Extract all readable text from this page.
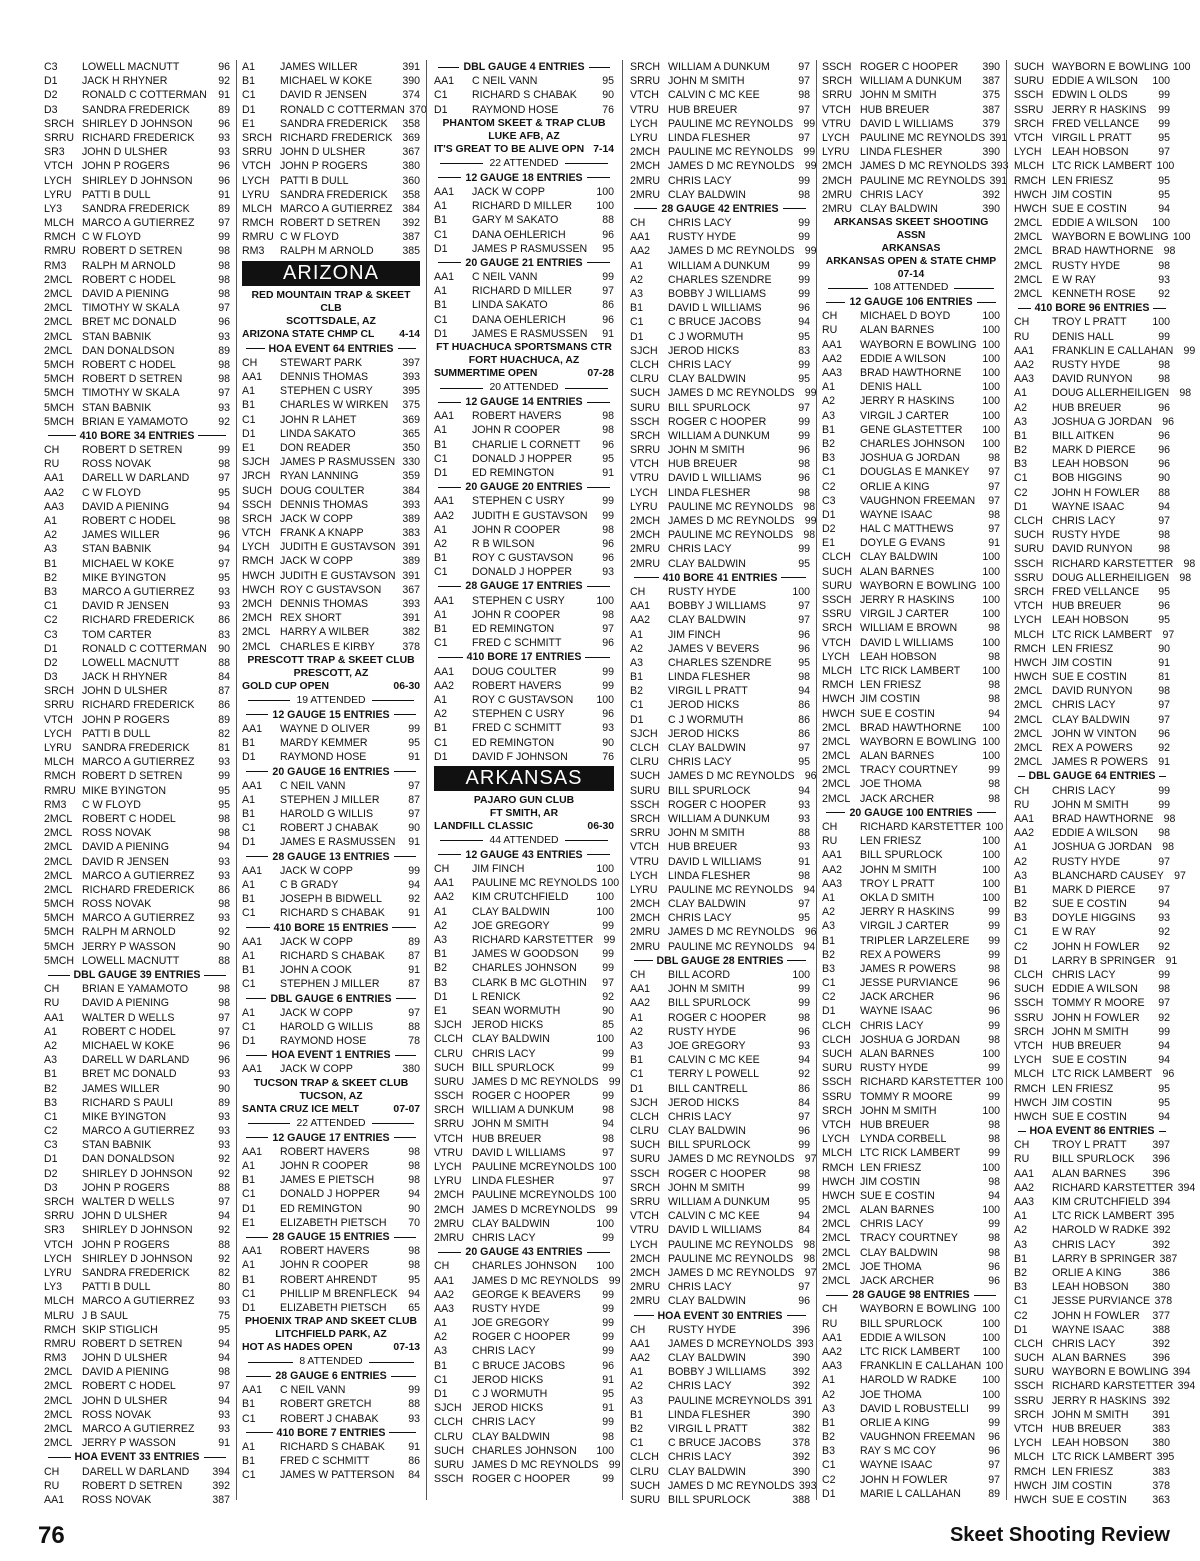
C3	LOWELL MACNUTT	96
D1	JACK H RHYNER	92
D2	RONALD C COTTERMAN	91
D3	SANDRA FREDERICK	89
SRCH SHIRLEY D JOHNSON	96
SRRU RICHARD FREDERICK	93
SR3	JOHN D ULSHER	93
VTCH JOHN P ROGERS	96
LYCH SHIRLEY D JOHNSON	96
LYRU PATTI B DULL	91
LY3	SANDRA FREDERICK	89
MLCH MARCO A GUTIERREZ	97
RMCH C W FLOYD	99
RMRU ROBERT D SETREN	98
RM3	RALPH M ARNOLD	98
2MCL ROBERT C HODEL	98
2MCL DAVID A PIENING	98
2MCL TIMOTHY W SKALA	97
2MCL BRET MC DONALD	96
2MCL STAN BABNIK	93
2MCL DAN DONALDSON	89
5MCH ROBERT C HODEL	98
5MCH ROBERT D SETREN	98
5MCH TIMOTHY W SKALA	97
5MCH STAN BABNIK	93
5MCH BRIAN E YAMAMOTO	92
410 BORE 34 ENTRIES
CH	ROBERT D SETREN	99
RU	ROSS NOVAK	98
AA1	DARELL W DARLAND	97
AA2	C W FLOYD	95
AA3	DAVID A PIENING	94
A1	ROBERT C HODEL	98
A2	JAMES WILLER	96
A3	STAN BABNIK	94
B1	MICHAEL W KOKE	97
B2	MIKE BYINGTON	95
B3	MARCO A GUTIERREZ	93
C1	DAVID R JENSEN	93
C2	RICHARD FREDERICK	86
C3	TOM CARTER	83
D1	RONALD C COTTERMAN	90
D2	LOWELL MACNUTT	88
D3	JACK H RHYNER	84
SRCH JOHN D ULSHER	87
SRRU RICHARD FREDERICK	86
VTCH JOHN P ROGERS	89
LYCH PATTI B DULL	82
LYRU SANDRA FREDERICK	81
MLCH MARCO A GUTIERREZ	93
RMCH ROBERT D SETREN	99
RMRU MIKE BYINGTON	95
RM3	C W FLOYD	95
2MCL ROBERT C HODEL	98
2MCL ROSS NOVAK	98
2MCL DAVID A PIENING	94
2MCL DAVID R JENSEN	93
2MCL MARCO A GUTIERREZ	93
2MCL RICHARD FREDERICK	86
5MCH ROSS NOVAK	98
5MCH MARCO A GUTIERREZ	93
5MCH RALPH M ARNOLD	92
5MCH JERRY P WASSON	90
5MCH LOWELL MACNUTT	88
DBL GAUGE 39 ENTRIES
CH	BRIAN E YAMAMOTO	98
RU	DAVID A PIENING	98
AA1	WALTER D WELLS	97
A1	ROBERT C HODEL	97
A2	MICHAEL W KOKE	96
A3	DARELL W DARLAND	96
B1	BRET MC DONALD	93
B2	JAMES WILLER	90
B3	RICHARD S PAULI	89
C1	MIKE BYINGTON	93
C2	MARCO A GUTIERREZ	93
C3	STAN BABNIK	93
D1	DAN DONALDSON	92
D2	SHIRLEY D JOHNSON	92
D3	JOHN P ROGERS	88
SRCH WALTER D WELLS	97
SRRU JOHN D ULSHER	94
SR3	SHIRLEY D JOHNSON	92
VTCH JOHN P ROGERS	88
LYCH SHIRLEY D JOHNSON	92
LYRU SANDRA FREDERICK	82
LY3	PATTI B DULL	80
MLCH MARCO A GUTIERREZ	93
MLRU J B SAUL	75
RMCH SKIP STIGLICH	95
RMRU ROBERT D SETREN	94
RM3	JOHN D ULSHER	94
2MCL DAVID A PIENING	98
2MCL ROBERT C HODEL	97
2MCL JOHN D ULSHER	94
2MCL ROSS NOVAK	93
2MCL MARCO A GUTIERREZ	93
2MCL JERRY P WASSON	91
HOA EVENT 33 ENTRIES
CH	DARELL W DARLAND	394
RU	ROBERT D SETREN	392
AA1	ROSS NOVAK	387
A1	JAMES WILLER	391
B1	MICHAEL W KOKE	390
C1	DAVID R JENSEN	374
D1	RONALD C COTTERMAN 370
E1	SANDRA FREDERICK	358
SRCH RICHARD FREDERICK 369
SRRU JOHN D ULSHER	367
VTCH JOHN P ROGERS	380
LYCH PATTI B DULL	360
LYRU SANDRA FREDERICK	358
MLCH MARCO A GUTIERREZ 384
RMCH ROBERT D SETREN	392
RMRU C W FLOYD	387
RM3	RALPH M ARNOLD	385
ARIZONA
RED MOUNTAIN TRAP & SKEET CLB
SCOTTSDALE, AZ
ARIZONA STATE CHMP CL 4-14
HOA EVENT 64 ENTRIES
CH	STEWART PARK	397
AA1	DENNIS THOMAS	393
A1	STEPHEN C USRY	395
B1	CHARLES W WIRKEN	375
C1	JOHN R LAHET	369
D1	LINDA SAKATO	365
E1	DON READER	350
SJCH JAMES P RASMUSSEN 330
JRCH RYAN LANNING	359
SUCH DOUG COULTER	384
SSCH DENNIS THOMAS	393
SRCH JACK W COPP	389
VTCH FRANK A KNAPP	383
LYCH JUDITH E GUSTAVSON 391
RMCH JACK W COPP	389
HWCH JUDITH E GUSTAVSON 391
HWCH ROY C GUSTAVSON	367
2MCH DENNIS THOMAS	393
2MCH REX SHORT	391
2MCL HARRY A WILBER	382
2MCL CHARLES E KIRBY	378
PRESCOTT TRAP & SKEET CLUB
PRESCOTT, AZ
GOLD CUP OPEN	06-30
19 ATTENDED
12 GAUGE 15 ENTRIES
AA1	WAYNE D OLIVER	99
B1	MARDY KEMMER	95
D1	RAYMOND HOSE	91
20 GAUGE 16 ENTRIES
AA1	C NEIL VANN	97
A1	STEPHEN J MILLER	87
B1	HAROLD G WILLIS	97
C1	ROBERT J CHABAK	90
D1	JAMES E RASMUSSEN	91
28 GAUGE 13 ENTRIES
AA1	JACK W COPP	99
A1	C B GRADY	94
B1	JOSEPH B BIDWELL	92
C1	RICHARD S CHABAK	91
410 BORE 15 ENTRIES
AA1	JACK W COPP	89
A1	RICHARD S CHABAK	87
B1	JOHN A COOK	91
C1	STEPHEN J MILLER	87
DBL GAUGE 6 ENTRIES
A1	JACK W COPP	97
C1	HAROLD G WILLIS	88
D1	RAYMOND HOSE	78
HOA EVENT 1 ENTRIES
AA1	JACK W COPP	380
TUCSON TRAP & SKEET CLUB
TUCSON, AZ
SANTA CRUZ ICE MELT	07-07
22 ATTENDED
12 GAUGE 17 ENTRIES
AA1	ROBERT HAVERS	98
A1	JOHN R COOPER	98
B1	JAMES E PIETSCH	98
C1	DONALD J HOPPER	94
D1	ED REMINGTON	90
E1	ELIZABETH PIETSCH	70
28 GAUGE 15 ENTRIES
AA1	ROBERT HAVERS	98
A1	JOHN R COOPER	98
B1	ROBERT AHRENDT	95
C1	PHILLIP M BRENFLECK	94
D1	ELIZABETH PIETSCH	65
PHOENIX TRAP AND SKEET CLUB
LITCHFIELD PARK, AZ
HOT AS HADES OPEN	07-13
8 ATTENDED
28 GAUGE 6 ENTRIES
AA1	C NEIL VANN	99
B1	ROBERT GRETCH	88
C1	ROBERT J CHABAK	93
410 BORE 7 ENTRIES
A1	RICHARD S CHABAK	91
B1	FRED C SCHMITT	86
C1	JAMES W PATTERSON	84
DBL GAUGE 4 ENTRIES
AA1	C NEIL VANN	95
C1	RICHARD S CHABAK	90
D1	RAYMOND HOSE	76
PHANTOM SKEET & TRAP CLUB
LUKE AFB, AZ
IT'S GREAT TO BE ALIVE OPN 7-14
22 ATTENDED
12 GAUGE 18 ENTRIES
AA1	JACK W COPP	100
A1	RICHARD D MILLER	100
B1	GARY M SAKATO	88
C1	DANA OEHLERICH	96
D1	JAMES P RASMUSSEN	95
20 GAUGE 21 ENTRIES
AA1	C NEIL VANN	99
A1	RICHARD D MILLER	97
B1	LINDA SAKATO	86
C1	DANA OEHLERICH	96
D1	JAMES E RASMUSSEN	91
FT HUACHUCA SPORTSMANS CTR
FORT HUACHUCA, AZ
SUMMERTIME OPEN	07-28
20 ATTENDED
12 GAUGE 14 ENTRIES
AA1	ROBERT HAVERS	98
A1	JOHN R COOPER	98
B1	CHARLIE L CORNETT	96
C1	DONALD J HOPPER	95
D1	ED REMINGTON	91
20 GAUGE 20 ENTRIES
AA1	STEPHEN C USRY	99
AA2	JUDITH E GUSTAVSON	99
A1	JOHN R COOPER	98
A2	R B WILSON	96
B1	ROY C GUSTAVSON	96
C1	DONALD J HOPPER	93
28 GAUGE 17 ENTRIES
AA1	STEPHEN C USRY	100
A1	JOHN R COOPER	98
B1	ED REMINGTON	97
C1	FRED C SCHMITT	96
410 BORE 17 ENTRIES
AA1	DOUG COULTER	99
AA2	ROBERT HAVERS	99
A1	ROY C GUSTAVSON	100
A2	STEPHEN C USRY	96
B1	FRED C SCHMITT	93
C1	ED REMINGTON	90
D1	DAVID F JOHNSON	76
ARKANSAS
PAJARO GUN CLUB
FT SMITH, AR
LANDFILL CLASSIC	06-30
44 ATTENDED
12 GAUGE 43 ENTRIES
CH	JIM FINCH	100
AA1	PAULINE MC REYNOLDS 100
AA2	KIM CRUTCHFIELD	100
A1	CLAY BALDWIN	100
A2	JOE GREGORY	99
A3	RICHARD KARSTETTER 99
B1	JAMES W GOODSON	99
B2	CHARLES JOHNSON	99
B3	CLARK B MC GLOTHIN	97
D1	L RENICK	92
E1	SEAN WORMUTH	90
SJCH JEROD HICKS	85
CLCH CLAY BALDWIN	100
CLRU CHRIS LACY	99
SUCH BILL SPURLOCK	99
SURU JAMES D MC REYNOLDS 99
SSCH ROGER C HOOPER	99
SRCH WILLIAM A DUNKUM	98
SRRU JOHN M SMITH	94
VTCH HUB BREUER	98
VTRU DAVID L WILLIAMS	97
LYCH PAULINE MCREYNOLDS 100
LYRU LINDA FLESHER	97
2MCH PAULINE MCREYNOLDS 100
2MCH JAMES D MCREYNOLDS 99
2MRU CLAY BALDWIN	100
2MRU CHRIS LACY	99
20 GAUGE 43 ENTRIES
CH	CHARLES JOHNSON	100
AA1	JAMES D MC REYNOLDS 99
AA2	GEORGE K BEAVERS	99
AA3	RUSTY HYDE	99
A1	JOE GREGORY	99
A2	ROGER C HOOPER	99
A3	CHRIS LACY	99
B1	C BRUCE JACOBS	96
C1	JEROD HICKS	91
D1	C J WORMUTH	95
SJCH JEROD HICKS	91
CLCH CHRIS LACY	99
CLRU CLAY BALDWIN	98
SUCH CHARLES JOHNSON	100
SURU JAMES D MC REYNOLDS 99
SSCH ROGER C HOOPER	99
SRCH WILLIAM A DUNKUM	97
SRRU JOHN M SMITH	97
VTCH CALVIN C MC KEE	98
VTRU HUB BREUER	97
LYCH PAULINE MC REYNOLDS 99
LYRU LINDA FLESHER	97
2MCH PAULINE MC REYNOLDS 99
2MCH JAMES D MC REYNOLDS 99
2MRU CHRIS LACY	99
2MRU CLAY BALDWIN	98
28 GAUGE 42 ENTRIES
CH	CHRIS LACY	99
AA1	RUSTY HYDE	99
AA2	JAMES D MC REYNOLDS 99
A1	WILLIAM A DUNKUM	99
A2	CHARLES SZENDRE	99
A3	BOBBY J WILLIAMS	99
B1	DAVID L WILLIAMS	96
C1	C BRUCE JACOBS	94
D1	C J WORMUTH	95
SJCH JEROD HICKS	83
CLCH CHRIS LACY	99
CLRU CLAY BALDWIN	95
SUCH JAMES D MC REYNOLDS 99
SURU BILL SPURLOCK	97
SSCH ROGER C HOOPER	99
SRCH WILLIAM A DUNKUM	99
SRRU JOHN M SMITH	96
VTCH HUB BREUER	98
VTRU DAVID L WILLIAMS	96
LYCH LINDA FLESHER	98
LYRU PAULINE MC REYNOLDS 98
2MCH JAMES D MC REYNOLDS 99
2MCH PAULINE MC REYNOLDS 98
2MRU CHRIS LACY	99
2MRU CLAY BALDWIN	95
410 BORE 41 ENTRIES
CH	RUSTY HYDE	100
AA1	BOBBY J WILLIAMS	97
AA2	CLAY BALDWIN	97
A1	JIM FINCH	96
A2	JAMES V BEVERS	96
A3	CHARLES SZENDRE	95
B1	LINDA FLESHER	98
B2	VIRGIL L PRATT	94
C1	JEROD HICKS	86
D1	C J WORMUTH	86
SJCH JEROD HICKS	86
CLCH CLAY BALDWIN	97
CLRU CHRIS LACY	95
SUCH JAMES D MC REYNOLDS 96
SURU BILL SPURLOCK	94
SSCH ROGER C HOOPER	93
SRCH WILLIAM A DUNKUM	93
SRRU JOHN M SMITH	88
VTCH HUB BREUER	93
VTRU DAVID L WILLIAMS	91
LYCH LINDA FLESHER	98
LYRU PAULINE MC REYNOLDS 94
2MCH CLAY BALDWIN	97
2MCH CHRIS LACY	95
2MRU JAMES D MC REYNOLDS 96
2MRU PAULINE MC REYNOLDS 94
DBL GAUGE 28 ENTRIES
CH	BILL ACORD	100
AA1	JOHN M SMITH	99
AA2	BILL SPURLOCK	99
A1	ROGER C HOOPER	98
A2	RUSTY HYDE	96
A3	JOE GREGORY	93
B1	CALVIN C MC KEE	94
C1	TERRY L POWELL	92
D1	BILL CANTRELL	86
SJCH JEROD HICKS	84
CLCH CHRIS LACY	97
CLRU CLAY BALDWIN	96
SUCH BILL SPURLOCK	99
SURU JAMES D MC REYNOLDS 97
SSCH ROGER C HOOPER	98
SRCH JOHN M SMITH	99
SRRU WILLIAM A DUNKUM	95
VTCH CALVIN C MC KEE	94
VTRU DAVID L WILLIAMS	84
LYCH PAULINE MC REYNOLDS 98
2MCH PAULINE MC REYNOLDS 98
2MCH JAMES D MC REYNOLDS 97
2MRU CHRIS LACY	97
2MRU CLAY BALDWIN	96
HOA EVENT 30 ENTRIES
CH	RUSTY HYDE	396
AA1	JAMES D MCREYNOLDS 393
AA2	CLAY BALDWIN	390
A1	BOBBY J WILLIAMS	392
A2	CHRIS LACY	392
A3	PAULINE MCREYNOLDS 391
B1	LINDA FLESHER	390
B2	VIRGIL L PRATT	382
C1	C BRUCE JACOBS	378
CLCH CHRIS LACY	392
CLRU CLAY BALDWIN	390
SUCH JAMES D MC REYNOLDS 393
SURU BILL SPURLOCK	388
SSCH ROGER C HOOPER	390
SRCH WILLIAM A DUNKUM	387
SRRU JOHN M SMITH	375
VTCH HUB BREUER	387
VTRU DAVID L WILLIAMS	379
LYCH PAULINE MC REYNOLDS 391
LYRU LINDA FLESHER	390
2MCH JAMES D MC REYNOLDS 393
2MCH PAULINE MC REYNOLDS 391
2MRU CHRIS LACY	392
2MRU CLAY BALDWIN	390
ARKANSAS SKEET SHOOTING ASSN
ARKANSAS
ARKANSAS OPEN & STATE CHMP
07-14
108 ATTENDED
12 GAUGE 106 ENTRIES
CH	MICHAEL D BOYD	100
RU	ALAN BARNES	100
AA1	WAYBORN E BOWLING 100
AA2	EDDIE A WILSON	100
AA3	BRAD HAWTHORNE	100
A1	DENIS HALL	100
A2	JERRY R HASKINS	100
A3	VIRGIL J CARTER	100
B1	GENE GLASTETTER	100
B2	CHARLES JOHNSON	100
B3	JOSHUA G JORDAN	98
C1	DOUGLAS E MANKEY	97
C2	ORLIE A KING	97
C3	VAUGHNON FREEMAN	97
D1	WAYNE ISAAC	98
D2	HAL C MATTHEWS	97
E1	DOYLE G EVANS	91
CLCH CLAY BALDWIN	100
SUCH ALAN BARNES	100
SURU WAYBORN E BOWLING 100
SSCH JERRY R HASKINS	100
SSRU VIRGIL J CARTER	100
SRCH WILLIAM E BROWN	98
VTCH DAVID L WILLIAMS	100
LYCH LEAH HOBSON	98
MLCH LTC RICK LAMBERT	100
RMCH LEN FRIESZ	98
HWCH JIM COSTIN	98
HWCH SUE E COSTIN	94
2MCL BRAD HAWTHORNE	100
2MCL WAYBORN E BOWLING 100
2MCL ALAN BARNES	100
2MCL TRACY COURTNEY	99
2MCL JOE THOMA	98
2MCL JACK ARCHER	98
20 GAUGE 100 ENTRIES
CH	RICHARD KARSTETTER 100
RU	LEN FRIESZ	100
AA1	BILL SPURLOCK	100
AA2	JOHN M SMITH	100
AA3	TROY L PRATT	100
A1	OKLA D SMITH	100
A2	JERRY R HASKINS	99
A3	VIRGIL J CARTER	99
B1	TRIPLER LARZELERE	99
B2	REX A POWERS	99
B3	JAMES R POWERS	98
C1	JESSE PURVIANCE	96
C2	JACK ARCHER	96
D1	WAYNE ISAAC	96
CLCH CHRIS LACY	99
CLCH JOSHUA G JORDAN	98
SUCH ALAN BARNES	100
SURU RUSTY HYDE	99
SSCH RICHARD KARSTETTER 100
SSRU TOMMY R MOORE	99
SRCH JOHN M SMITH	100
VTCH HUB BREUER	98
LYCH LYNDA CORBELL	98
MLCH LTC RICK LAMBERT	99
RMCH LEN FRIESZ	100
HWCH JIM COSTIN	98
HWCH SUE E COSTIN	94
2MCL ALAN BARNES	100
2MCL CHRIS LACY	99
2MCL TRACY COURTNEY	98
2MCL CLAY BALDWIN	98
2MCL JOE THOMA	96
2MCL JACK ARCHER	96
28 GAUGE 98 ENTRIES
CH	WAYBORN E BOWLING 100
RU	BILL SPURLOCK	100
AA1	EDDIE A WILSON	100
AA2	LTC RICK LAMBERT	100
AA3	FRANKLIN E CALLAHAN 100
A1	HAROLD W RADKE	100
A2	JOE THOMA	100
A3	DAVID L ROBUSTELLI	99
B1	ORLIE A KING	99
B2	VAUGHNON FREEMAN	96
B3	RAY S MC COY	96
C1	WAYNE ISAAC	97
C2	JOHN H FOWLER	97
D1	MARIE L CALLAHAN	89
SUCH WAYBORN E BOWLING 100
SURU EDDIE A WILSON	100
SSCH EDWIN L OLDS	99
SSRU JERRY R HASKINS	99
SRCH FRED VELLANCE	99
VTCH VIRGIL L PRATT	95
LYCH LEAH HOBSON	97
MLCH LTC RICK LAMBERT 100
RMCH LEN FRIESZ	95
HWCH JIM COSTIN	95
HWCH SUE E COSTIN	94
2MCL EDDIE A WILSON	100
2MCL WAYBORN E BOWLING 100
2MCL BRAD HAWTHORNE 98
2MCL RUSTY HYDE	98
2MCL E W RAY	93
2MCL KENNETH ROSE	92
410 BORE 96 ENTRIES
CH	TROY L PRATT	100
RU	DENIS HALL	99
AA1	FRANKLIN E CALLAHAN 99
AA2	RUSTY HYDE	98
AA3	DAVID RUNYON	98
A1	DOUG ALLERHEILIGEN 98
A2	HUB BREUER	96
A3	JOSHUA G JORDAN 96
B1	BILL AITKEN	96
B2	MARK D PIERCE	96
B3	LEAH HOBSON	96
C1	BOB HIGGINS	90
C2	JOHN H FOWLER	88
D1	WAYNE ISAAC	94
CLCH CHRIS LACY	97
SUCH RUSTY HYDE	98
SURU DAVID RUNYON	98
SSCH RICHARD KARSTETTER 98
SSRU DOUG ALLERHEILIGEN 98
SRCH FRED VELLANCE	95
VTCH HUB BREUER	96
LYCH LEAH HOBSON	95
MLCH LTC RICK LAMBERT 97
RMCH LEN FRIESZ	90
HWCH JIM COSTIN	91
HWCH SUE E COSTIN	81
2MCL DAVID RUNYON	98
2MCL CHRIS LACY	97
2MCL CLAY BALDWIN	97
2MCL JOHN W VINTON	96
2MCL REX A POWERS	92
2MCL JAMES R POWERS 91
DBL GAUGE 64 ENTRIES
CH	CHRIS LACY	99
RU	JOHN M SMITH	99
AA1	BRAD HAWTHORNE 98
AA2	EDDIE A WILSON	98
A1	JOSHUA G JORDAN 98
A2	RUSTY HYDE	97
A3	BLANCHARD CAUSEY 97
B1	MARK D PIERCE	97
B2	SUE E COSTIN	94
B3	DOYLE HIGGINS	93
C1	E W RAY	92
C2	JOHN H FOWLER	92
D1	LARRY B SPRINGER 91
CLCH CHRIS LACY	99
SUCH EDDIE A WILSON	98
SSCH TOMMY R MOORE	97
SSRU JOHN H FOWLER	92
SRCH JOHN M SMITH	99
VTCH HUB BREUER	94
LYCH SUE E COSTIN	94
MLCH LTC RICK LAMBERT 96
RMCH LEN FRIESZ	95
HWCH JIM COSTIN	95
HWCH SUE E COSTIN	94
HOA EVENT 86 ENTRIES
CH	TROY L PRATT	397
RU	BILL SPURLOCK	396
AA1	ALAN BARNES	396
AA2	RICHARD KARSTETTER 394
AA3	KIM CRUTCHFIELD 394
A1	LTC RICK LAMBERT 395
A2	HAROLD W RADKE 392
A3	CHRIS LACY	392
B1	LARRY B SPRINGER 387
B2	ORLIE A KING	386
B3	LEAH HOBSON	380
C1	JESSE PURVIANCE 378
C2	JOHN H FOWLER	377
D1	WAYNE ISAAC	388
CLCH CHRIS LACY	392
SUCH ALAN BARNES	396
SURU WAYBORN E BOWLING 394
SSCH RICHARD KARSTETTER 394
SSRU JERRY R HASKINS 392
SRCH JOHN M SMITH	391
VTCH HUB BREUER	383
LYCH LEAH HOBSON	380
MLCH LTC RICK LAMBERT 395
RMCH LEN FRIESZ	383
HWCH JIM COSTIN	378
HWCH SUE E COSTIN	363
76	Skeet Shooting Review
